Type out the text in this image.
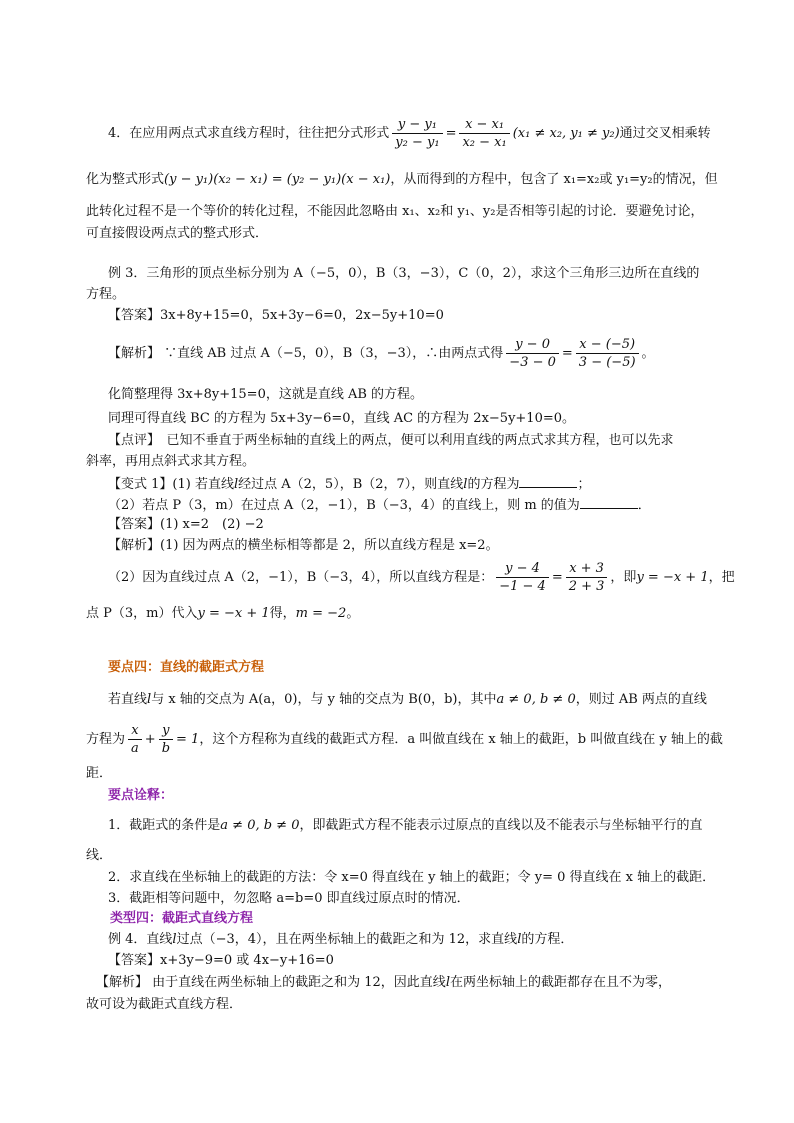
4．在应用两点式求直线方程时，往往把分式形式 $\frac{\text{y − y₁}}{\text{y₂ − y₁}} = \frac{\text{x − x₁}}{\text{x₂ − x₁}} (x_1 \ne x_2$, y₁ ≠ y₂)通过交叉相乘转
化为整式形式(y − y₁)(x₂ − x₁) = (y₂ − y₁)(x − x₁)，从而得到的方程中，包含了 x₁=x₂或 y₁=y₂的情况，但
此转化过程不是一个等价的转化过程，不能因此忽略由 x₁、x₂和 y₁、y₂是否相等引起的讨论．要避免讨论，
可直接假设两点式的整式形式．
例 3．三角形的顶点坐标分别为 A（−5，0），B（3，−3），C（0，2），求这个三角形三边所在直线的
方程。
【答案】3x+8y+15=0，5x+3y−6=0，2x−5y+10=0
【解析】 ∵直线 AB 过点 A（−5，0），B（3，−3），∴由两点式得 $\frac{y - 0}{-3 - 0} = \frac{x - (-5)}{3 - (-5)}$ 。
化简整理得 3x+8y+15=0，这就是直线 AB 的方程。
同理可得直线 BC 的方程为 5x+3y−6=0，直线 AC 的方程为 2x−5y+10=0。
【点评】　已知不垂直于两坐标轴的直线上的两点，便可以利用直线的两点式求其方程，也可以先求
斜率，再用点斜式求其方程。
【变式 1】(1) 若直线l经过点 A（2，5），B（2，7），则直线l的方程为	；
（2）若点 P（3，m）在过点 A（2，−1），B（−3，4）的直线上，则 m 的值为	．
【答案】(1) x=2　(2) −2
【解析】(1) 因为两点的横坐标相等都是 2，所以直线方程是 x=2。
（2）因为直线过点 A（2，−1），B（−3，4），所以直线方程是： $\frac{y - 4}{-1 - 4} = \frac{x + 3}{2 + 3}$ ，即y = −x + 1，把
点 P（3，m）代入y = −x + 1得，m = −2。
要点四：直线的截距式方程
若直线l与 x 轴的交点为 A(a，0)，与 y 轴的交点为 B(0，b)，其中a ≠ 0, b ≠ 0，则过 AB 两点的直线
方程为 $\frac{x}{a} + \frac{y}{b} = 1$，这个方程称为直线的截距式方程．a 叫做直线在 x 轴上的截距，b 叫做直线在 y 轴上的截
距．
要点诠释：
1．截距式的条件是a ≠ 0, b ≠ 0，即截距式方程不能表示过原点的直线以及不能表示与坐标轴平行的直
线．
2．求直线在坐标轴上的截距的方法：令 x=0 得直线在 y 轴上的截距；令 y= 0 得直线在 x 轴上的截距．
3．截距相等问题中，勿忽略 a=b=0 即直线过原点时的情况．
类型四：截距式直线方程
例 4．直线l过点（−3，4），且在两坐标轴上的截距之和为 12，求直线l的方程．
【答案】x+3y−9=0 或 4x−y+16=0
【解析】 由于直线在两坐标轴上的截距之和为 12，因此直线l在两坐标轴上的截距都存在且不为零，
故可设为截距式直线方程．
